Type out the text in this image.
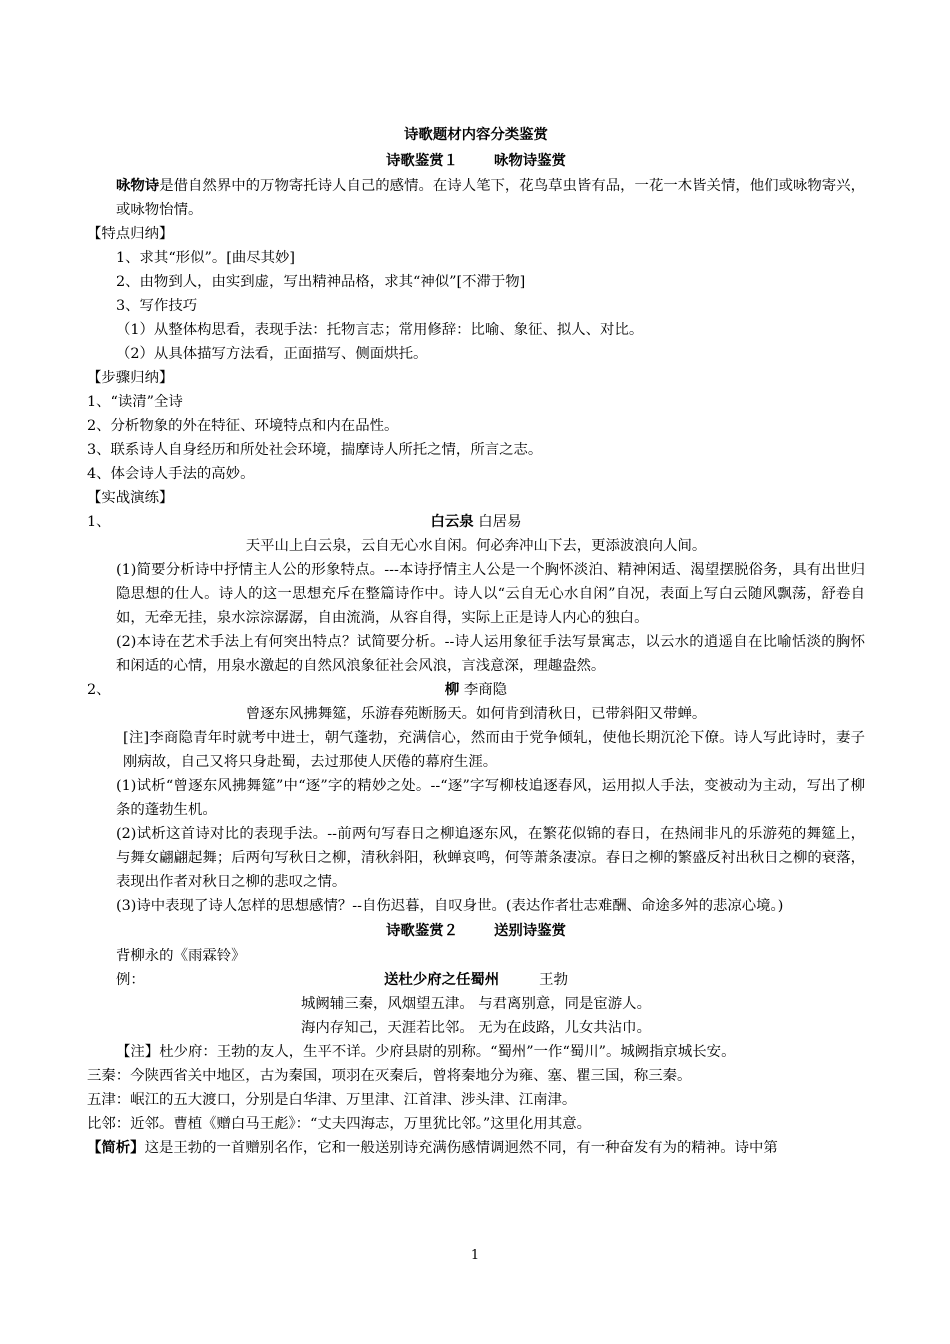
诗歌题材内容分类鉴赏
诗歌鉴赏１	咏物诗鉴赏
咏物诗是借自然界中的万物寄托诗人自己的感情。在诗人笔下，花鸟草虫皆有品，一花一木皆关情，他们或咏物寄兴，或咏物怡情。
【特点归纳】
1、求其“形似”。[曲尽其妙]
2、由物到人，由实到虚，写出精神品格，求其“神似”[不滞于物]
3、写作技巧
（1）从整体构思看，表现手法：托物言志；常用修辞：比喻、象征、拟人、对比。
（2）从具体描写方法看，正面描写、侧面烘托。
【步骤归纳】
1、“读清”全诗
2、分析物象的外在特征、环境特点和内在品性。
3、联系诗人自身经历和所处社会环境，揣摩诗人所托之情，所言之志。
4、体会诗人手法的高妙。
【实战演练】
1、	白云泉 白居易
天平山上白云泉，云自无心水自闲。何必奔冲山下去，更添波浪向人间。
(1)简要分析诗中抒情主人公的形象特点。---本诗抒情主人公是一个胸怀淡泊、精神闲适、渴望摆脱俗务，具有出世归隐思想的仕人。诗人的这一思想充斥在整篇诗作中。诗人以“云自无心水自闲”自况，表面上写白云随风飘荡，舒卷自如，无牵无挂，泉水淙淙潺潺，自由流淌，从容自得，实际上正是诗人内心的独白。
(2)本诗在艺术手法上有何突出特点？试简要分析。--诗人运用象征手法写景寓志，以云水的逍遥自在比喻恬淡的胸怀和闲适的心情，用泉水激起的自然风浪象征社会风浪，言浅意深，理趣盎然。
2、	柳 李商隐
曾逐东风拂舞筵，乐游春苑断肠天。如何肯到清秋日，已带斜阳又带蝉。
[注]李商隐青年时就考中进士，朝气蓬勃，充满信心，然而由于党争倾轧，使他长期沉沦下僚。诗人写此诗时，妻子刚病故，自己又将只身赴蜀，去过那使人厌倦的幕府生涯。
(1)试析“曾逐东风拂舞筵”中“逐”字的精妙之处。--“逐”字写柳枝追逐春风，运用拟人手法，变被动为主动，写出了柳条的蓬勃生机。
(2)试析这首诗对比的表现手法。--前两句写春日之柳追逐东风，在繁花似锦的春日，在热闹非凡的乐游苑的舞筵上，与舞女翩翩起舞；后两句写秋日之柳，清秋斜阳，秋蝉哀鸣，何等萧条凄凉。春日之柳的繁盛反衬出秋日之柳的衰落，表现出作者对秋日之柳的悲叹之情。
(3)诗中表现了诗人怎样的思想感情？--自伤迟暮，自叹身世。(表达作者壮志难酬、命途多舛的悲凉心境。)
诗歌鉴赏２	送别诗鉴赏
背柳永的《雨霖铃》
例：	送杜少府之任蜀州	王勃
城阙辅三秦，风烟望五津。 与君离别意，同是宦游人。
海内存知己，天涯若比邻。 无为在歧路，儿女共沾巾。
【注】杜少府：王勃的友人，生平不详。少府县尉的别称。“蜀州”一作“蜀川”。城阙指京城长安。
三秦：今陕西省关中地区，古为秦国，项羽在灭秦后，曾将秦地分为雍、塞、瞿三国，称三秦。
五津：岷江的五大渡口，分别是白华津、万里津、江首津、涉头津、江南津。
比邻：近邻。曹植《赠白马王彪》：“丈夫四海志，万里犹比邻。”这里化用其意。
【简析】这是王勃的一首赠别名作，它和一般送别诗充满伤感情调迥然不同，有一种奋发有为的精神。诗中第
1
